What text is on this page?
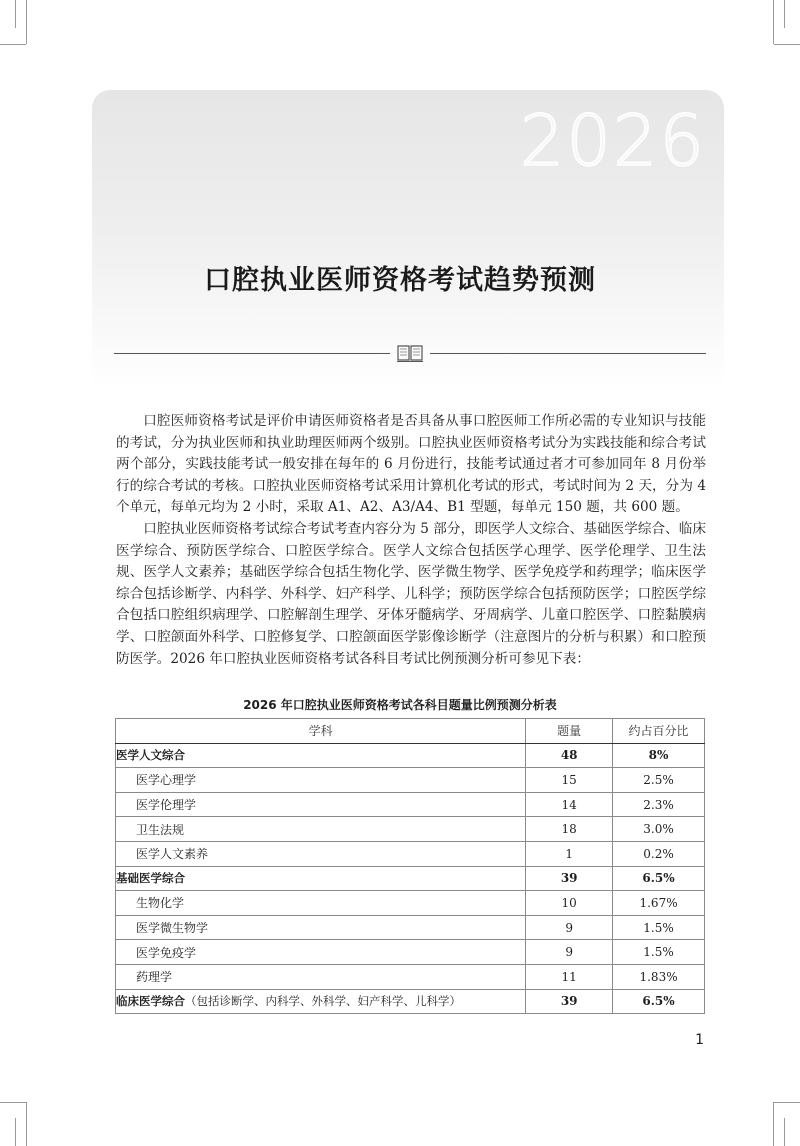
2026
口腔执业医师资格考试趋势预测

口腔医师资格考试是评价申请医师资格者是否具备从事口腔医师工作所必需的专业知识与技能的考试，分为执业医师和执业助理医师两个级别。口腔执业医师资格考试分为实践技能和综合考试两个部分，实践技能考试一般安排在每年的 6 月份进行，技能考试通过者才可参加同年 8 月份举行的综合考试的考核。口腔执业医师资格考试采用计算机化考试的形式，考试时间为 2 天，分为 4 个单元，每单元均为 2 小时，采取 A1、A2、A3/A4、B1 型题，每单元 150 题，共 600 题。

口腔执业医师资格考试综合考试考查内容分为 5 部分，即医学人文综合、基础医学综合、临床医学综合、预防医学综合、口腔医学综合。医学人文综合包括医学心理学、医学伦理学、卫生法规、医学人文素养；基础医学综合包括生物化学、医学微生物学、医学免疫学和药理学；临床医学综合包括诊断学、内科学、外科学、妇产科学、儿科学；预防医学综合包括预防医学；口腔医学综合包括口腔组织病理学、口腔解剖生理学、牙体牙髓病学、牙周病学、儿童口腔医学、口腔黏膜病学、口腔颌面外科学、口腔修复学、口腔颌面医学影像诊断学（注意图片的分析与积累）和口腔预防医学。2026 年口腔执业医师资格考试各科目考试比例预测分析可参见下表：

2026 年口腔执业医师资格考试各科目题量比例预测分析表
学科	题量	约占百分比
医学人文综合	48	8%
医学心理学	15	2.5%
医学伦理学	14	2.3%
卫生法规	18	3.0%
医学人文素养	1	0.2%
基础医学综合	39	6.5%
生物化学	10	1.67%
医学微生物学	9	1.5%
医学免疫学	9	1.5%
药理学	11	1.83%
临床医学综合（包括诊断学、内科学、外科学、妇产科学、儿科学）	39	6.5%
1
